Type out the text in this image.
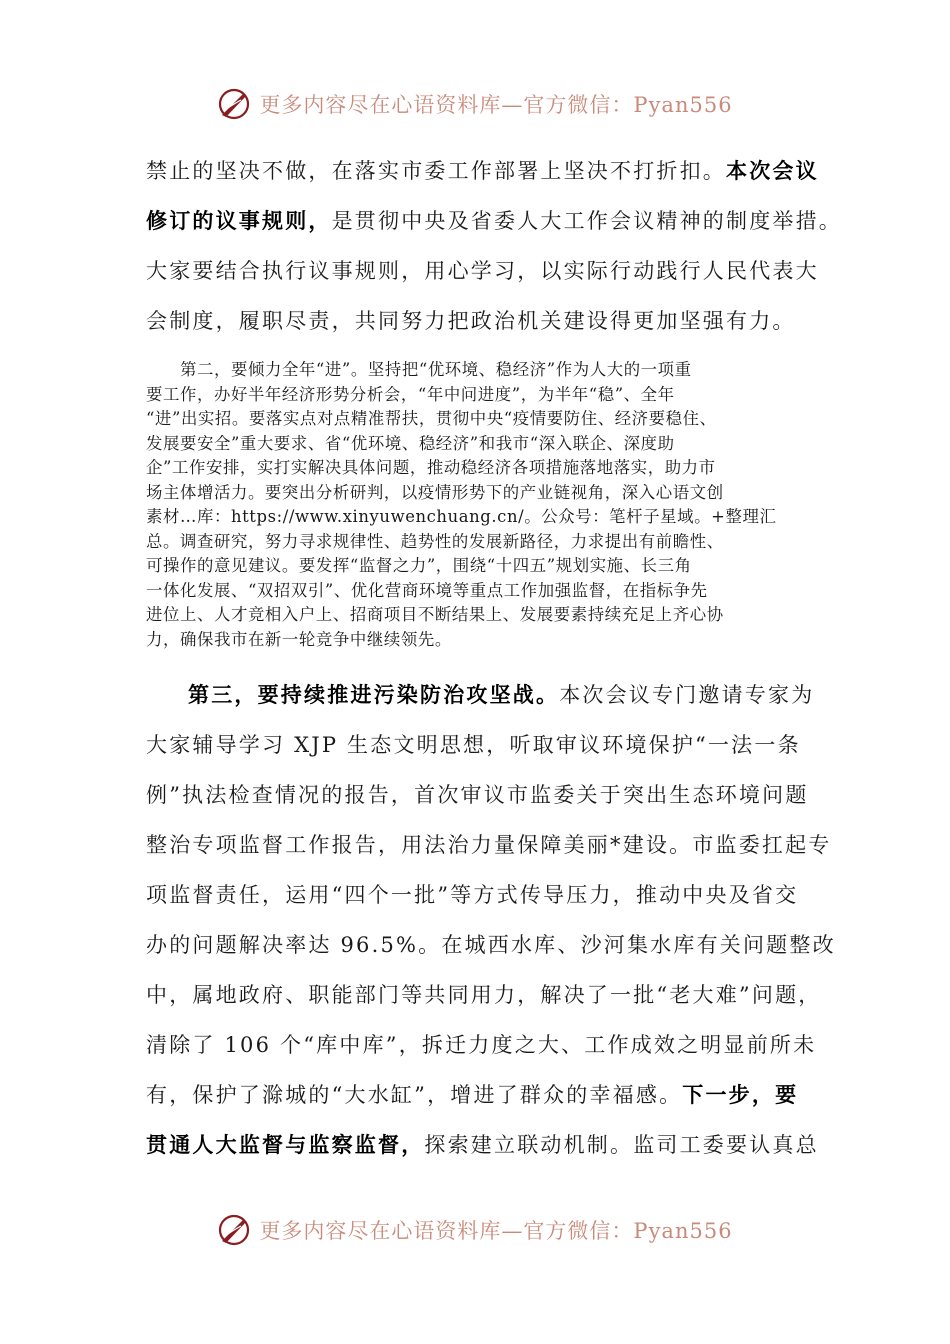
更多内容尽在心语资料库—官方微信：Pyan556
禁止的坚决不做，在落实市委工作部署上坚决不打折扣。本次会议
修订的议事规则，是贯彻中央及省委人大工作会议精神的制度举措。
大家要结合执行议事规则，用心学习，以实际行动践行人民代表大
会制度，履职尽责，共同努力把政治机关建设得更加坚强有力。
第二，要倾力全年“进”。坚持把“优环境、稳经济”作为人大的一项重
要工作，办好半年经济形势分析会，“年中问进度”，为半年“稳”、全年
“进”出实招。要落实点对点精准帮扶，贯彻中央“疫情要防住、经济要稳住、
发展要安全”重大要求、省“优环境、稳经济”和我市“深入联企、深度助
企”工作安排，实打实解决具体问题，推动稳经济各项措施落地落实，助力市
场主体增活力。要突出分析研判，以疫情形势下的产业链视角，深入心语文创
素材…库：https://www.xinyuwenchuang.cn/。公众号：笔杆子星域。+整理汇
总。调查研究，努力寻求规律性、趋势性的发展新路径，力求提出有前瞻性、
可操作的意见建议。要发挥“监督之力”，围绕“十四五”规划实施、长三角
一体化发展、“双招双引”、优化营商环境等重点工作加强监督，在指标争先
进位上、人才竞相入户上、招商项目不断结果上、发展要素持续充足上齐心协
力，确保我市在新一轮竞争中继续领先。
第三，要持续推进污染防治攻坚战。本次会议专门邀请专家为
大家辅导学习 XJP 生态文明思想，听取审议环境保护“一法一条
例”执法检查情况的报告，首次审议市监委关于突出生态环境问题
整治专项监督工作报告，用法治力量保障美丽*建设。市监委扛起专
项监督责任，运用“四个一批”等方式传导压力，推动中央及省交
办的问题解决率达 96.5%。在城西水库、沙河集水库有关问题整改
中，属地政府、职能部门等共同用力，解决了一批“老大难”问题，
清除了 106 个“库中库”，拆迁力度之大、工作成效之明显前所未
有，保护了滁城的“大水缸”，增进了群众的幸福感。下一步，要
贯通人大监督与监察监督，探索建立联动机制。监司工委要认真总
更多内容尽在心语资料库—官方微信：Pyan556
